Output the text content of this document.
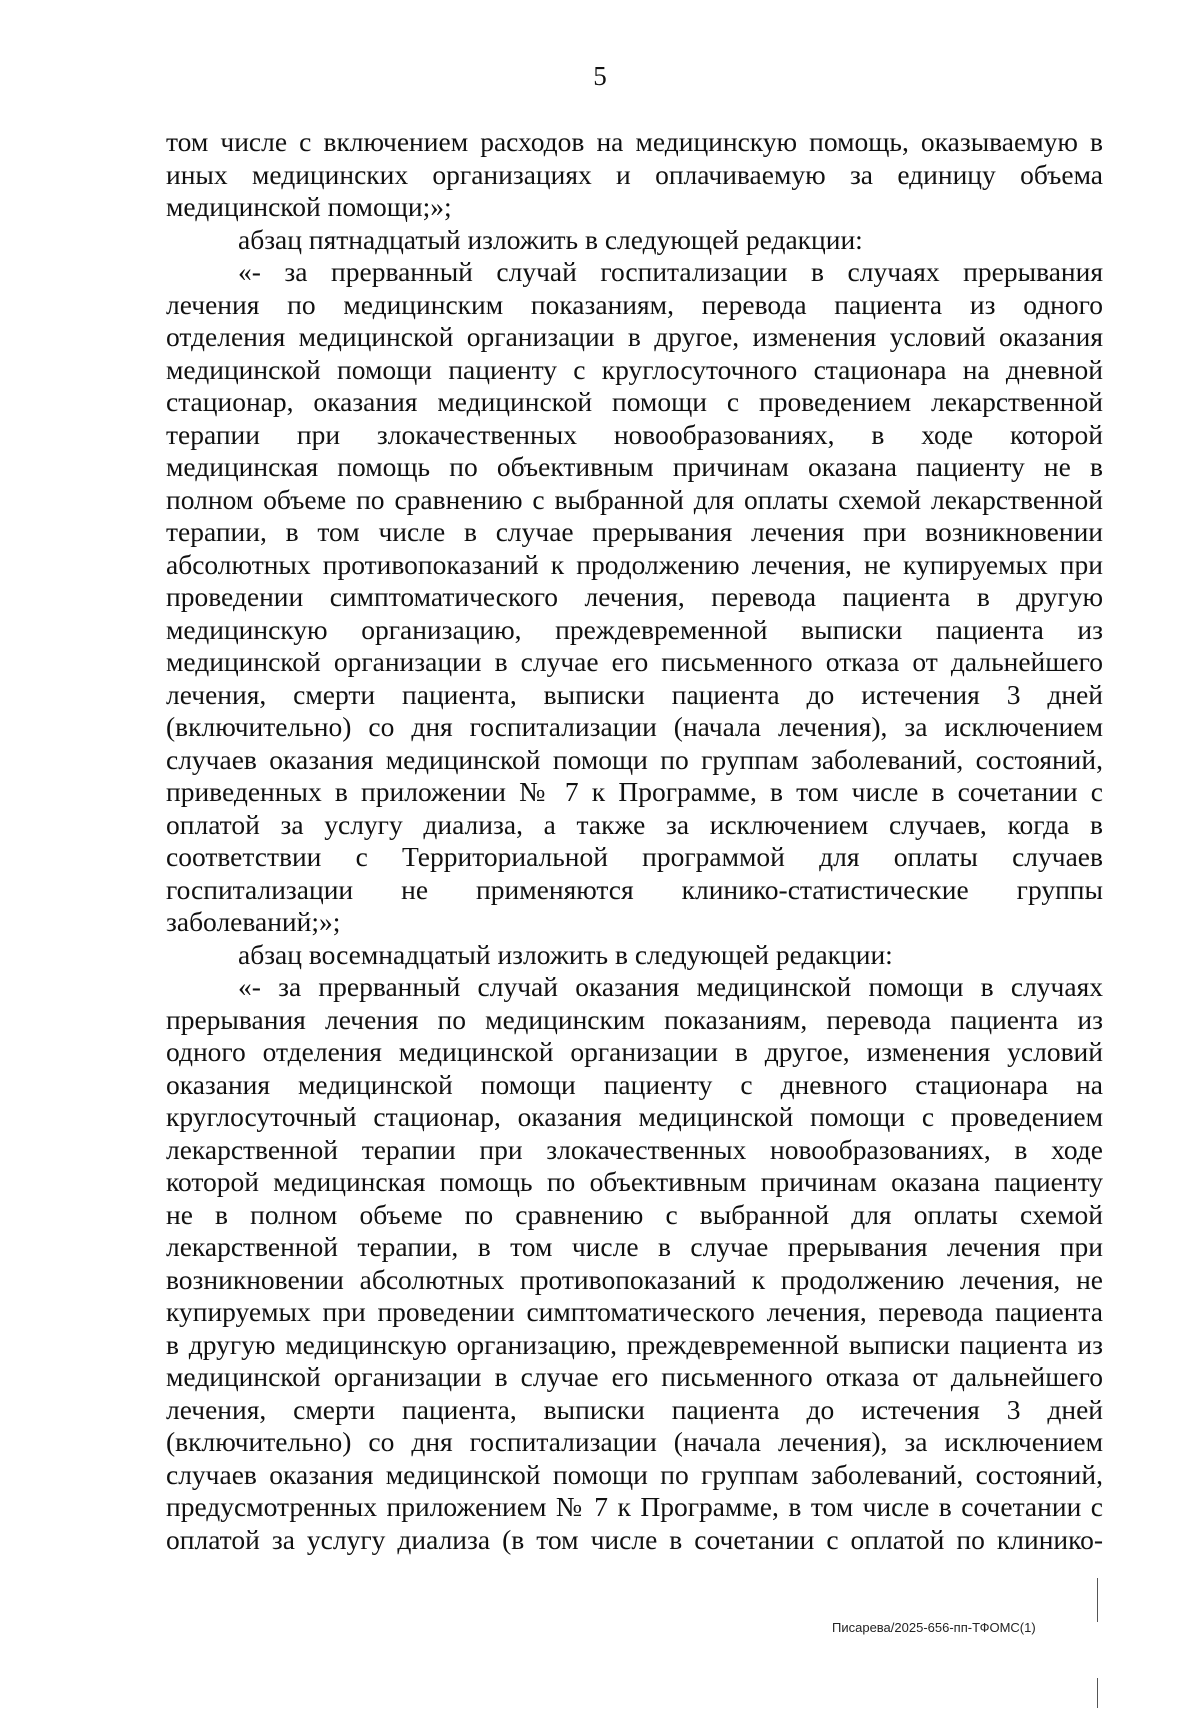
5
том числе с включением расходов на медицинскую помощь, оказываемую в
иных медицинских организациях и оплачиваемую за единицу объема
медицинской помощи;»;
абзац пятнадцатый изложить в следующей редакции:
«- за прерванный случай госпитализации в случаях прерывания
лечения по медицинским показаниям, перевода пациента из одного
отделения медицинской организации в другое, изменения условий оказания
медицинской помощи пациенту с круглосуточного стационара на дневной
стационар, оказания медицинской помощи с проведением лекарственной
терапии при злокачественных новообразованиях, в ходе которой
медицинская помощь по объективным причинам оказана пациенту не в
полном объеме по сравнению с выбранной для оплаты схемой лекарственной
терапии, в том числе в случае прерывания лечения при возникновении
абсолютных противопоказаний к продолжению лечения, не купируемых при
проведении симптоматического лечения, перевода пациента в другую
медицинскую организацию, преждевременной выписки пациента из
медицинской организации в случае его письменного отказа от дальнейшего
лечения, смерти пациента, выписки пациента до истечения 3 дней
(включительно) со дня госпитализации (начала лечения), за исключением
случаев оказания медицинской помощи по группам заболеваний, состояний,
приведенных в приложении № 7 к Программе, в том числе в сочетании с
оплатой за услугу диализа, а также за исключением случаев, когда в
соответствии с Территориальной программой для оплаты случаев
госпитализации не применяются клинико-статистические группы
заболеваний;»;
абзац восемнадцатый изложить в следующей редакции:
«- за прерванный случай оказания медицинской помощи в случаях
прерывания лечения по медицинским показаниям, перевода пациента из
одного отделения медицинской организации в другое, изменения условий
оказания медицинской помощи пациенту с дневного стационара на
круглосуточный стационар, оказания медицинской помощи с проведением
лекарственной терапии при злокачественных новообразованиях, в ходе
которой медицинская помощь по объективным причинам оказана пациенту
не в полном объеме по сравнению с выбранной для оплаты схемой
лекарственной терапии, в том числе в случае прерывания лечения при
возникновении абсолютных противопоказаний к продолжению лечения, не
купируемых при проведении симптоматического лечения, перевода пациента
в другую медицинскую организацию, преждевременной выписки пациента из
медицинской организации в случае его письменного отказа от дальнейшего
лечения, смерти пациента, выписки пациента до истечения 3 дней
(включительно) со дня госпитализации (начала лечения), за исключением
случаев оказания медицинской помощи по группам заболеваний, состояний,
предусмотренных приложением № 7 к Программе, в том числе в сочетании с
оплатой за услугу диализа (в том числе в сочетании с оплатой по клинико-
Писарева/2025-656-пп-ТФОМС(1)
